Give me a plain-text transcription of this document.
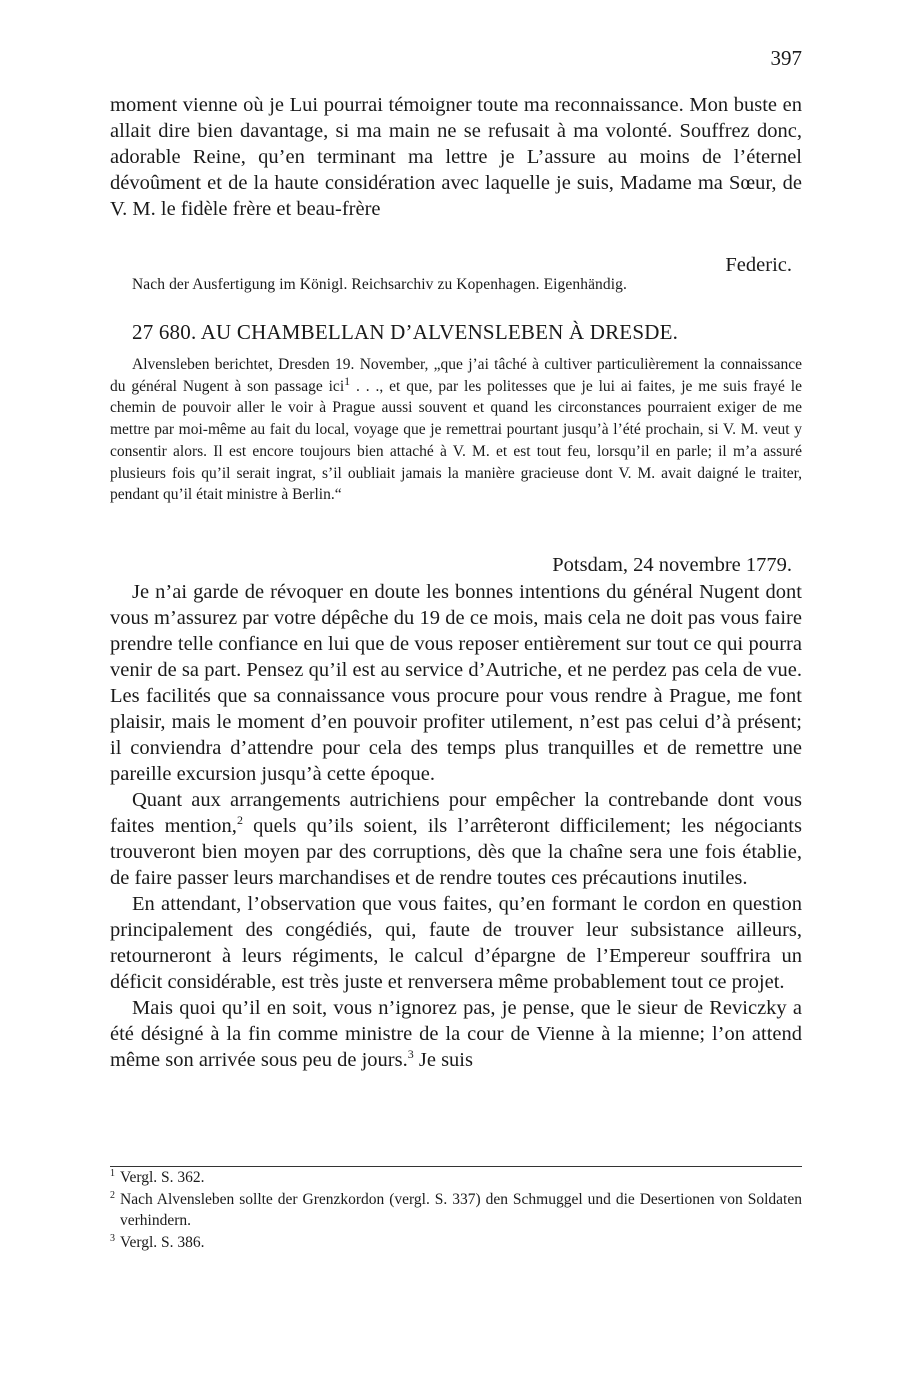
397
moment vienne où je Lui pourrai témoigner toute ma reconnaissance. Mon buste en allait dire bien davantage, si ma main ne se refusait à ma volonté. Souffrez donc, adorable Reine, qu’en terminant ma lettre je L’assure au moins de l’éternel dévoûment et de la haute considération avec laquelle je suis, Madame ma Sœur, de V. M. le fidèle frère et beau-frère
Federic.
Nach der Ausfertigung im Königl. Reichsarchiv zu Kopenhagen. Eigenhändig.
27 680. AU CHAMBELLAN D’ALVENSLEBEN À DRESDE.
Alvensleben berichtet, Dresden 19. November, „que j’ai tâché à cultiver particulièrement la connaissance du général Nugent à son passage ici$^1$ . . ., et que, par les politesses que je lui ai faites, je me suis frayé le chemin de pouvoir aller le voir à Prague aussi souvent et quand les circonstances pourraient exiger de me mettre par moi-même au fait du local, voyage que je remettrai pourtant jusqu’à l’été prochain, si V. M. veut y consentir alors. Il est encore toujours bien attaché à V. M. et est tout feu, lorsqu’il en parle; il m’a assuré plusieurs fois qu’il serait ingrat, s’il oubliait jamais la manière gracieuse dont V. M. avait daigné le traiter, pendant qu’il était ministre à Berlin.“
Potsdam, 24 novembre 1779.

Je n’ai garde de révoquer en doute les bonnes intentions du général Nugent dont vous m’assurez par votre dépêche du 19 de ce mois, mais cela ne doit pas vous faire prendre telle confiance en lui que de vous reposer entièrement sur tout ce qui pourra venir de sa part. Pensez qu’il est au service d’Autriche, et ne perdez pas cela de vue. Les facilités que sa connaissance vous procure pour vous rendre à Prague, me font plaisir, mais le moment d’en pouvoir profiter utilement, n’est pas celui d’à présent; il conviendra d’attendre pour cela des temps plus tranquilles et de remettre une pareille excursion jusqu’à cette époque.

Quant aux arrangements autrichiens pour empêcher la contrebande dont vous faites mention,$^2$ quels qu’ils soient, ils l’arrêteront difficilement; les négociants trouveront bien moyen par des corruptions, dès que la chaîne sera une fois établie, de faire passer leurs marchandises et de rendre toutes ces précautions inutiles.

En attendant, l’observation que vous faites, qu’en formant le cordon en question principalement des congédiés, qui, faute de trouver leur subsistance ailleurs, retourneront à leurs régiments, le calcul d’épargne de l’Empereur souffrira un déficit considérable, est très juste et renversera même probablement tout ce projet.

Mais quoi qu’il en soit, vous n’ignorez pas, je pense, que le sieur de Reviczky a été désigné à la fin comme ministre de la cour de Vienne à la mienne; l’on attend même son arrivée sous peu de jours.$^3$ Je suis

1 Vergl. S. 362.

2 Nach Alvensleben sollte der Grenzkordon (vergl. S. 337) den Schmuggel und die Desertionen von Soldaten verhindern.

3 Vergl. S. 386.
